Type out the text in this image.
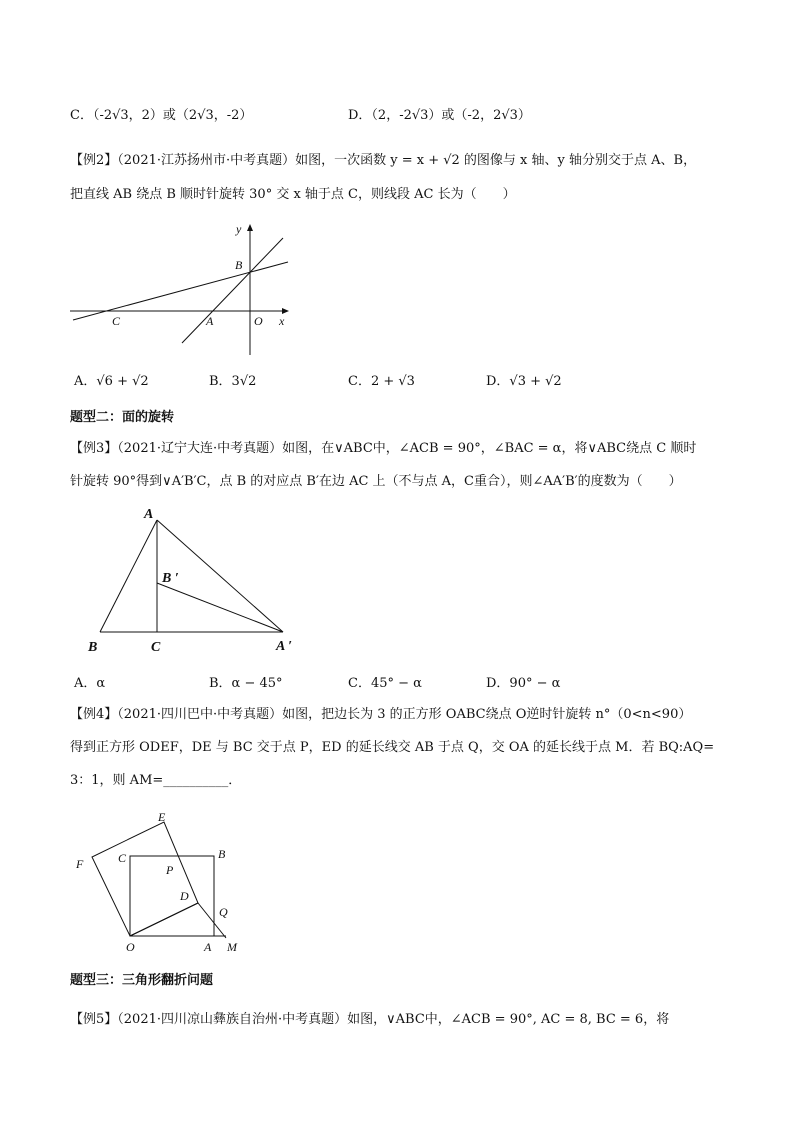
C．（-2√3，2）或（2√3，-2）	D．（2，-2√3）或（-2，2√3）
【例2】（2021·江苏扬州市·中考真题）如图，一次函数 y = x + √2 的图像与 x 轴、y 轴分别交于点 A、B，
把直线 AB 绕点 B 顺时针旋转 30° 交 x 轴于点 C，则线段 AC 长为（　　）
y
x
B
C	A	O
A．√6 + √2	B．3√2	C．2 + √3	D．√3 + √2
题型二：面的旋转
【例3】（2021·辽宁大连·中考真题）如图，在∨ABC中，∠ACB = 90°，∠BAC = α，将∨ABC绕点 C 顺时
针旋转 90°得到∨A′B′C，点 B 的对应点 B′在边 AC 上（不与点 A，C重合），则∠AA′B′的度数为（　　）
A
B ′
B	C	A ′
A．α	B．α − 45°	C．45° − α	D．90° − α
【例4】（2021·四川巴中·中考真题）如图，把边长为 3 的正方形 OABC绕点 O逆时针旋转 n°（0<n<90）
得到正方形 ODEF，DE 与 BC 交于点 P，ED 的延长线交 AB 于点 Q，交 OA 的延长线于点 M．若 BQ:AQ=
3：1，则 AM=__________．
E
B
F	C
P
D
Q
O	A M
题型三：三角形翻折问题
【例5】（2021·四川凉山彝族自治州·中考真题）如图，∨ABC中，∠ACB = 90°, AC = 8, BC = 6，将
